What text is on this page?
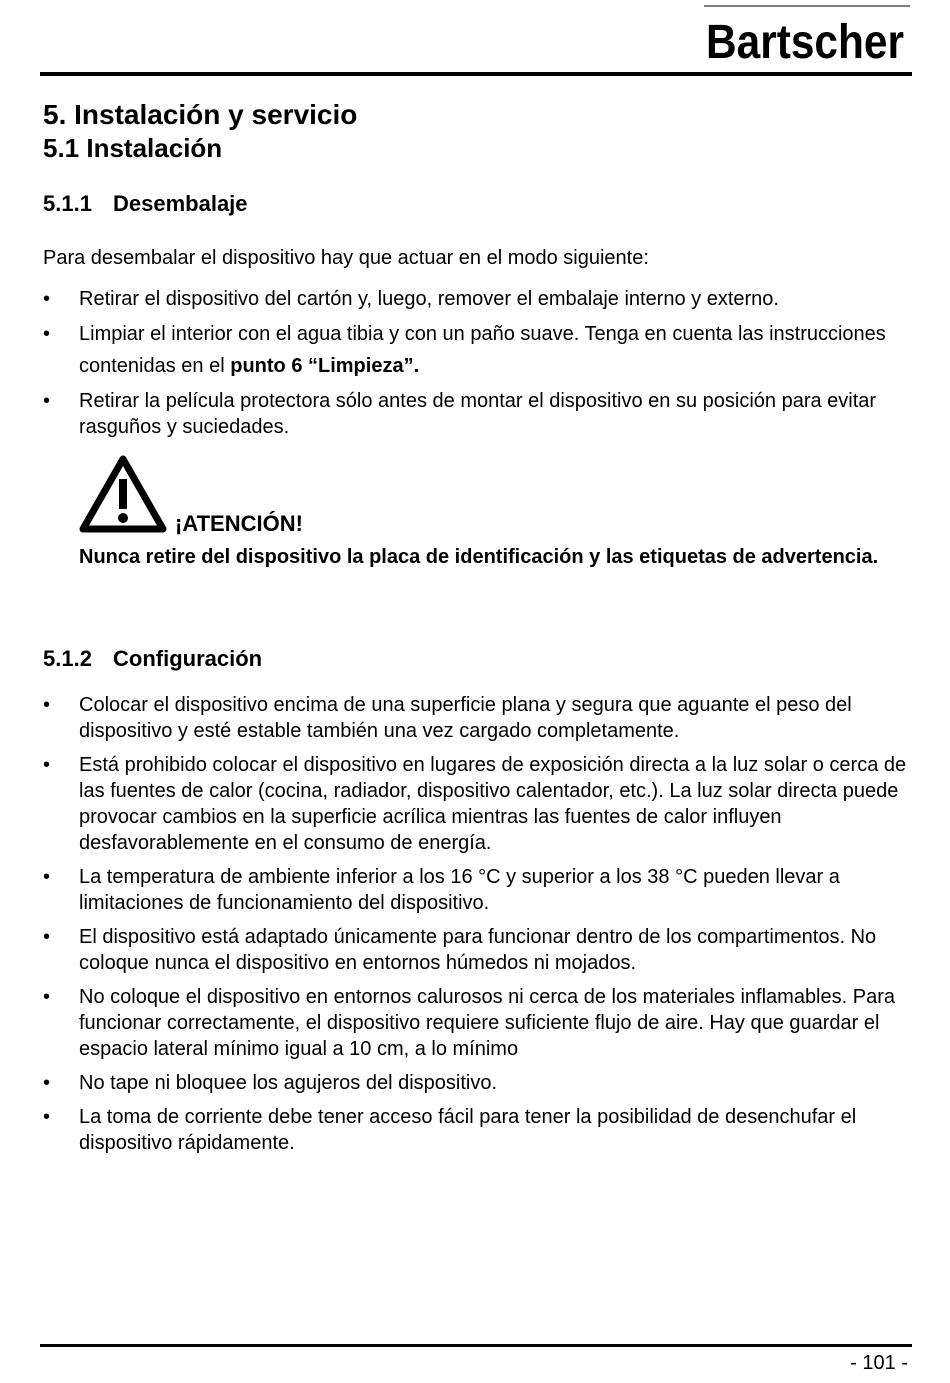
Bartscher
5. Instalación y servicio
5.1 Instalación
5.1.1 Desembalaje

Para desembalar el dispositivo hay que actuar en el modo siguiente:

• Retirar el dispositivo del cartón y, luego, remover el embalaje interno y externo.
• Limpiar el interior con el agua tibia y con un paño suave. Tenga en cuenta las instrucciones contenidas en el punto 6 “Limpieza”.
• Retirar la película protectora sólo antes de montar el dispositivo en su posición para evitar rasguños y suciedades.
¡ATENCIÓN!
Nunca retire del dispositivo la placa de identificación y las etiquetas de advertencia.
5.1.2 Configuración
• Colocar el dispositivo encima de una superficie plana y segura que aguante el peso del dispositivo y esté estable también una vez cargado completamente.
• Está prohibido colocar el dispositivo en lugares de exposición directa a la luz solar o cerca de las fuentes de calor (cocina, radiador, dispositivo calentador, etc.). La luz solar directa puede provocar cambios en la superficie acrílica mientras las fuentes de calor influyen desfavorablemente en el consumo de energía.
• La temperatura de ambiente inferior a los 16 °C y superior a los 38 °C pueden llevar a limitaciones de funcionamiento del dispositivo.
• El dispositivo está adaptado únicamente para funcionar dentro de los compartimentos. No coloque nunca el dispositivo en entornos húmedos ni mojados.
• No coloque el dispositivo en entornos calurosos ni cerca de los materiales inflamables. Para funcionar correctamente, el dispositivo requiere suficiente flujo de aire. Hay que guardar el espacio lateral mínimo igual a 10 cm, a lo mínimo
• No tape ni bloquee los agujeros del dispositivo.
• La toma de corriente debe tener acceso fácil para tener la posibilidad de desenchufar el dispositivo rápidamente.
- 101 -
